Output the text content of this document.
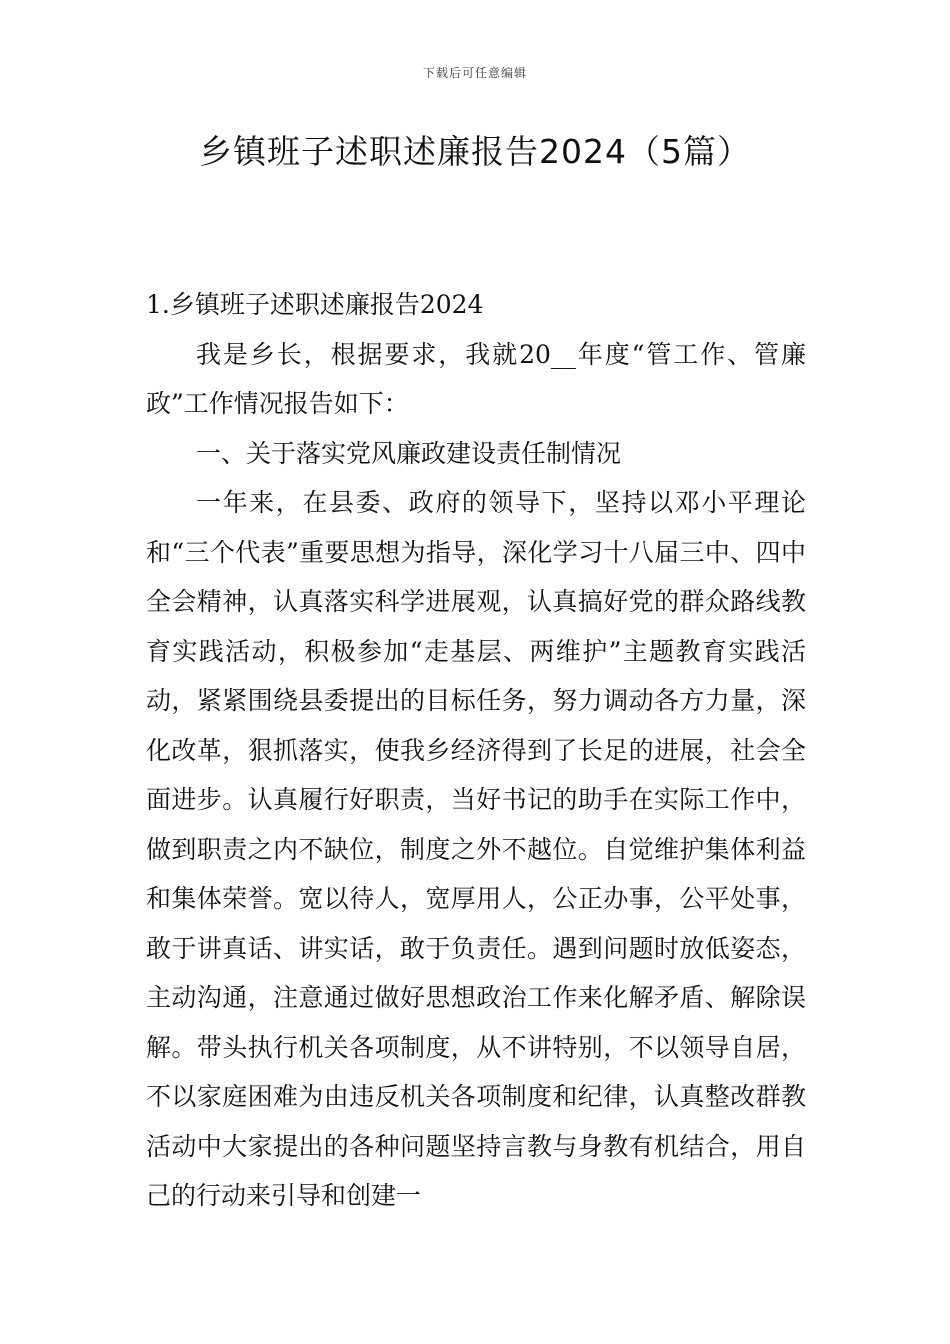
下载后可任意编辑
乡镇班子述职述廉报告2024（5篇）

1.乡镇班子述职述廉报告2024

我是乡长，根据要求，我就20__年度“管工作、管廉政”工作情况报告如下：

一、关于落实党风廉政建设责任制情况

一年来，在县委、政府的领导下，坚持以邓小平理论和“三个代表”重要思想为指导，深化学习十八届三中、四中全会精神，认真落实科学进展观，认真搞好党的群众路线教育实践活动，积极参加“走基层、两维护”主题教育实践活动，紧紧围绕县委提出的目标任务，努力调动各方力量，深化改革，狠抓落实，使我乡经济得到了长足的进展，社会全面进步。认真履行好职责，当好书记的助手在实际工作中，做到职责之内不缺位，制度之外不越位。自觉维护集体利益和集体荣誉。宽以待人，宽厚用人，公正办事，公平处事，敢于讲真话、讲实话，敢于负责任。遇到问题时放低姿态，主动沟通，注意通过做好思想政治工作来化解矛盾、解除误解。带头执行机关各项制度，从不讲特别，不以领导自居，不以家庭困难为由违反机关各项制度和纪律，认真整改群教活动中大家提出的各种问题坚持言教与身教有机结合，用自己的行动来引导和创建一
